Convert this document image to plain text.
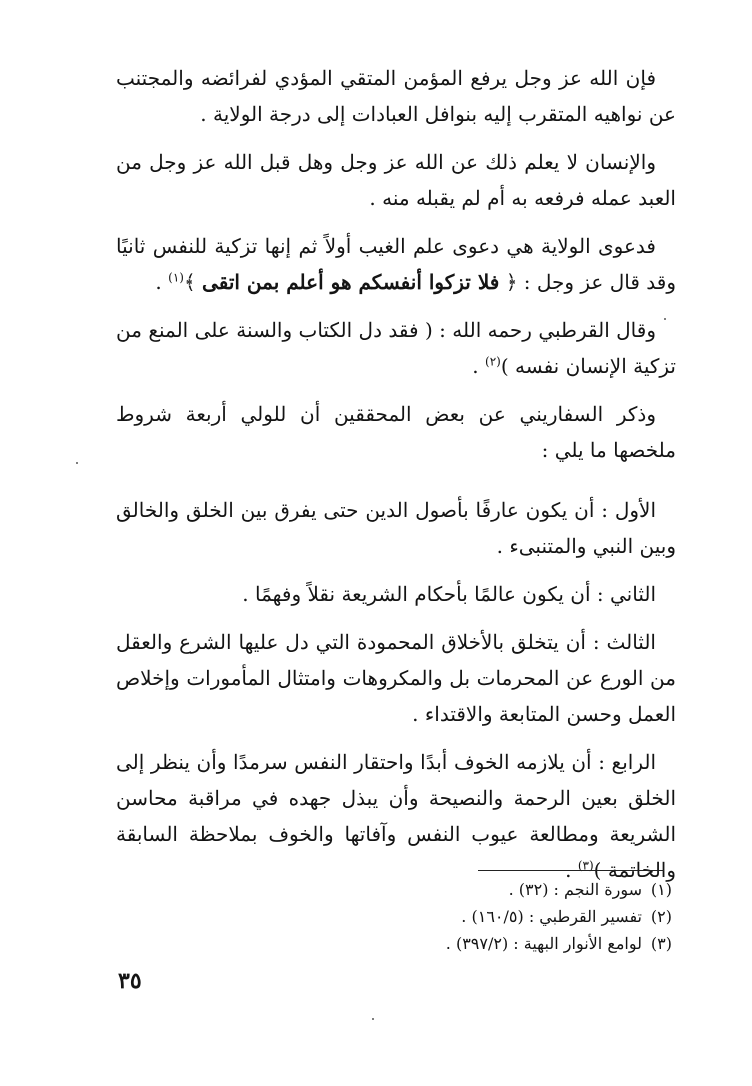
فإن الله عز وجل يرفع المؤمن المتقي المؤدي لفرائضه والمجتنب عن نواهيه المتقرب إليه بنوافل العبادات إلى درجة الولاية .

والإنسان لا يعلم ذلك عن الله عز وجل وهل قبل الله عز وجل من العبد عمله فرفعه به أم لم يقبله منه .

فدعوى الولاية هي دعوى علم الغيب أولاً ثم إنها تزكية للنفس ثانيًا وقد قال عز وجل : ﴿ فلا تزكوا أنفسكم هو أعلم بمن اتقى ﴾$^{(١)}$ .

وقال القرطبي رحمه الله : ( فقد دل الكتاب والسنة على المنع من تزكية الإنسان نفسه )$^{(٢)}$ .

وذكر السفاريني عن بعض المحققين أن للولي أربعة شروط ملخصها ما يلي :

الأول : أن يكون عارفًا بأصول الدين حتى يفرق بين الخلق والخالق وبين النبي والمتنبىء .

الثاني : أن يكون عالمًا بأحكام الشريعة نقلاً وفهمًا .

الثالث : أن يتخلق بالأخلاق المحمودة التي دل عليها الشرع والعقل من الورع عن المحرمات بل والمكروهات وامتثال المأمورات وإخلاص العمل وحسن المتابعة والاقتداء .

الرابع : أن يلازمه الخوف أبدًا واحتقار النفس سرمدًا وأن ينظر إلى الخلق بعين الرحمة والنصيحة وأن يبذل جهده في مراقبة محاسن الشريعة ومطالعة عيوب النفس وآفاتها والخوف بملاحظة السابقة والخاتمة )$^{(٣)}$ .

(١)سورة النجم : (٣٢) .

(٢)تفسير القرطبي : (١٦٠/٥) .

(٣)لوامع الأنوار البهية : (٣٩٧/٢) .

٣٥
